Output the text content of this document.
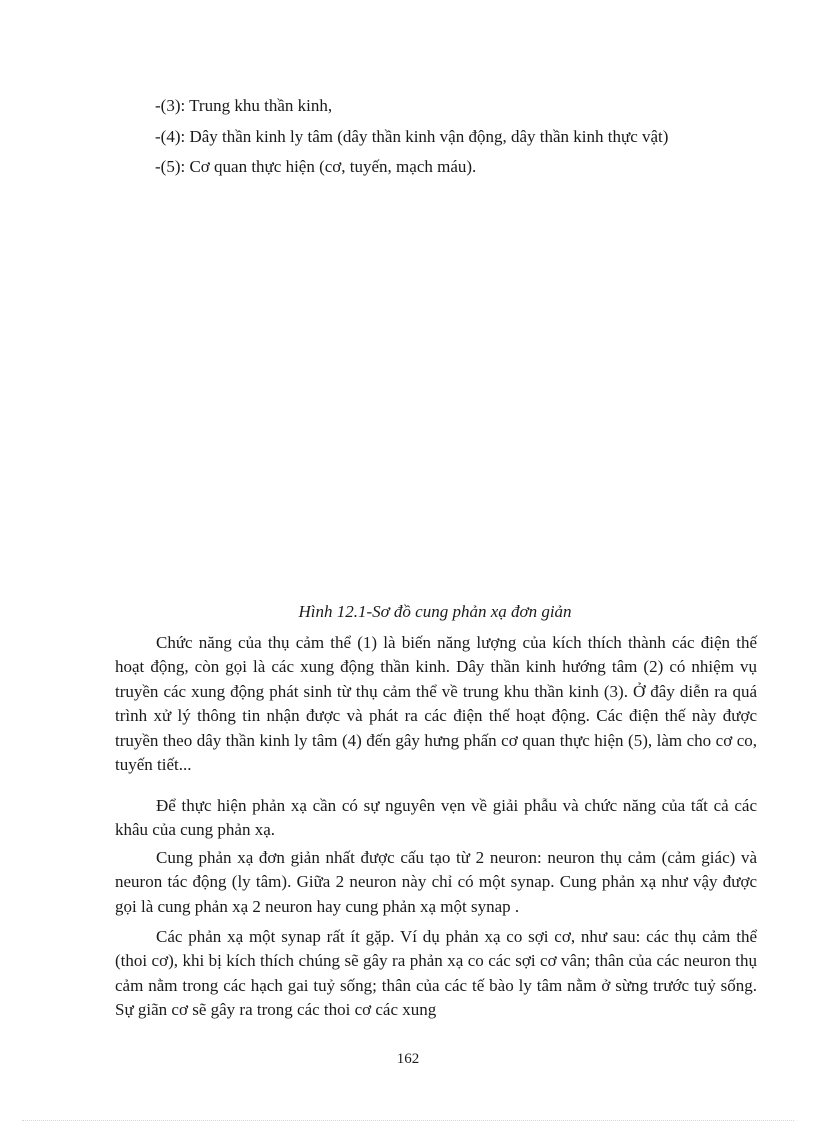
-(3): Trung khu thần kinh,
-(4): Dây thần kinh ly tâm (dây thần kinh vận động, dây thần kinh thực vật)
-(5): Cơ quan thực hiện (cơ, tuyến, mạch máu).
Hình 12.1-Sơ đồ cung phản xạ đơn giản

Chức năng của thụ cảm thể (1) là biến năng lượng của kích thích thành các điện thế hoạt động, còn gọi là các xung động thần kinh. Dây thần kinh hướng tâm (2) có nhiệm vụ truyền các xung động phát sinh từ thụ cảm thể về trung khu thần kinh (3). Ở đây diễn ra quá trình xử lý thông tin nhận được và phát ra các điện thế hoạt động. Các điện thế này được truyền theo dây thần kinh ly tâm (4) đến gây hưng phấn cơ quan thực hiện (5), làm cho cơ co, tuyến tiết...

Để thực hiện phản xạ cần có sự nguyên vẹn về giải phẫu và chức năng của tất cả các khâu của cung phản xạ.

Cung phản xạ đơn giản nhất được cấu tạo từ 2 neuron: neuron thụ cảm (cảm giác) và neuron tác động (ly tâm). Giữa 2 neuron này chỉ có một synap. Cung phản xạ như vậy được gọi là cung phản xạ 2 neuron hay cung phản xạ một synap .

Các phản xạ một synap rất ít gặp. Ví dụ phản xạ co sợi cơ, như sau: các thụ cảm thể (thoi cơ), khi bị kích thích chúng sẽ gây ra phản xạ co các sợi cơ vân; thân của các neuron thụ cảm nằm trong các hạch gai tuỷ sống; thân của các tế bào ly tâm nằm ở sừng trước tuỷ sống. Sự giãn cơ sẽ gây ra trong các thoi cơ các xung

162
